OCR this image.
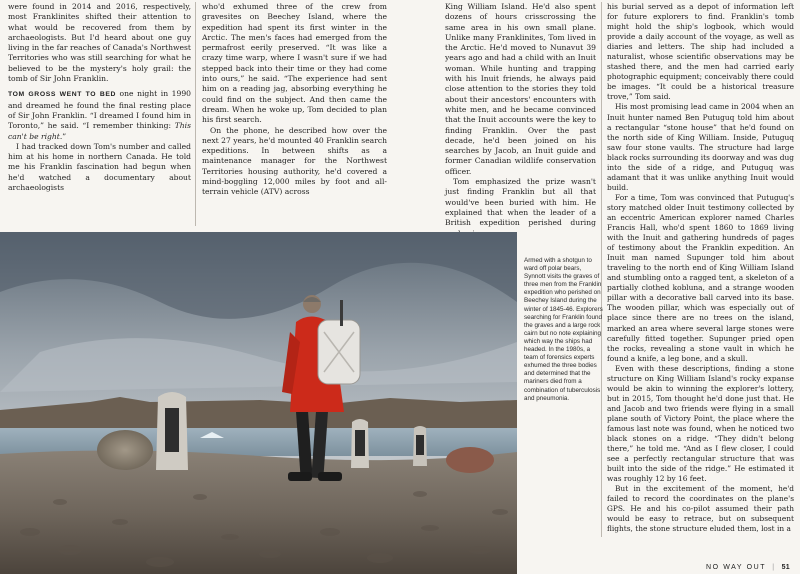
were found in 2014 and 2016, respectively, most Franklinites shifted their attention to what would be recovered from them by archaeologists. But I'd heard about one guy living in the far reaches of Canada's Northwest Territories who was still searching for what he believed to be the mystery's holy grail: the tomb of Sir John Franklin.

TOM GROSS WENT TO BED one night in 1990 and dreamed he found the final resting place of Sir John Franklin. “I dreamed I found him in Toronto,” he said. “I remember thinking: This can't be right.”

I had tracked down Tom's number and called him at his home in northern Canada. He told me his Franklin fascination had begun when he'd watched a documentary about archaeologists

who'd exhumed three of the crew from gravesites on Beechey Island, where the expedition had spent its first winter in the Arctic. The men's faces had emerged from the permafrost eerily preserved. “It was like a crazy time warp, where I wasn't sure if we had stepped back into their time or they had come into ours,” he said. “The experience had sent him on a reading jag, absorbing everything he could find on the subject. And then came the dream. When he woke up, Tom decided to plan his first search.

On the phone, he described how over the next 27 years, he'd mounted 40 Franklin search expeditions. In between shifts as a maintenance manager for the Northwest Territories housing authority, he'd covered a mind-boggling 12,000 miles by foot and all-terrain vehicle (ATV) across

King William Island. He'd also spent dozens of hours crisscrossing the same area in his own small plane. Unlike many Franklinites, Tom lived in the Arctic. He'd moved to Nunavut 39 years ago and had a child with an Inuit woman. While hunting and trapping with his Inuit friends, he always paid close attention to the stories they told about their ancestors' encounters with white men, and he became convinced that the Inuit accounts were the key to finding Franklin. Over the past decade, he'd been joined on his searches by Jacob, an Inuit guide and former Canadian wildlife conservation officer.

Tom emphasized the prize wasn't just finding Franklin but all that would've been buried with him. He explained that when the leader of a British expedition perished during

his burial served as a depot of information left for future explorers to find. Franklin's tomb might hold the ship's logbook, which would provide a daily account of the voyage, as well as diaries and letters. The ship had included a naturalist, whose scientific observations may be stashed there, and the men had carried early photographic equipment; conceivably there could be images. “It could be a historical treasure trove,” Tom said.

His most promising lead came in 2004 when an Inuit hunter named Ben Putuguq told him about a rectangular “stone house” that he'd found on the north side of King William. Inside, Putuguq saw four stone vaults. The structure had large black rocks surrounding its doorway and was dug into the side of a ridge, and Putuguq was adamant that it was unlike anything Inuit would build.

For a time, Tom was convinced that Putuguq's story matched older Inuit testimony collected by an eccentric American explorer named Charles Francis Hall, who'd spent 1860 to 1869 living with the Inuit and gathering hundreds of pages of testimony about the Franklin expedition. An Inuit man named Supunger told him about traveling to the north end of King William Island and stumbling onto a ragged tent, a skeleton of a partially clothed kobluna, and a strange wooden pillar with a decorative ball carved into its base. The wooden pillar, which was especially out of place since there are no trees on the island, marked an area where several large stones were carefully fitted together. Supunger pried open the rocks, revealing a stone vault in which he found a knife, a leg bone, and a skull.

Even with these descriptions, finding a stone structure on King William Island's rocky expanse would be akin to winning the explorer's lottery, but in 2015, Tom thought he'd done just that. He and Jacob and two friends were flying in a small plane south of Victory Point, the place where the famous last note was found, when he noticed two black stones on a ridge. “They didn't belong there,” he told me. “And as I flew closer, I could see a perfectly rectangular structure that was built into the side of the ridge.” He estimated it was roughly 12 by 16 feet.

But in the excitement of the moment, he'd failed to record the coordinates on the plane's GPS. He and his co-pilot assumed their path would be easy to retrace, but on subsequent flights, the stone structure eluded them, lost in a

Armed with a shotgun to ward off polar bears, Synnott visits the graves of three men from the Franklin expedition who perished on Beechey Island during the winter of 1845-46. Explorers searching for Franklin found the graves and a large rock cairn but no note explaining which way the ships had headed. In the 1980s, a team of forensics experts exhumed the three bodies and determined that the mariners died from a combination of tuberculosis and pneumonia.
NO WAY OUT | 51
